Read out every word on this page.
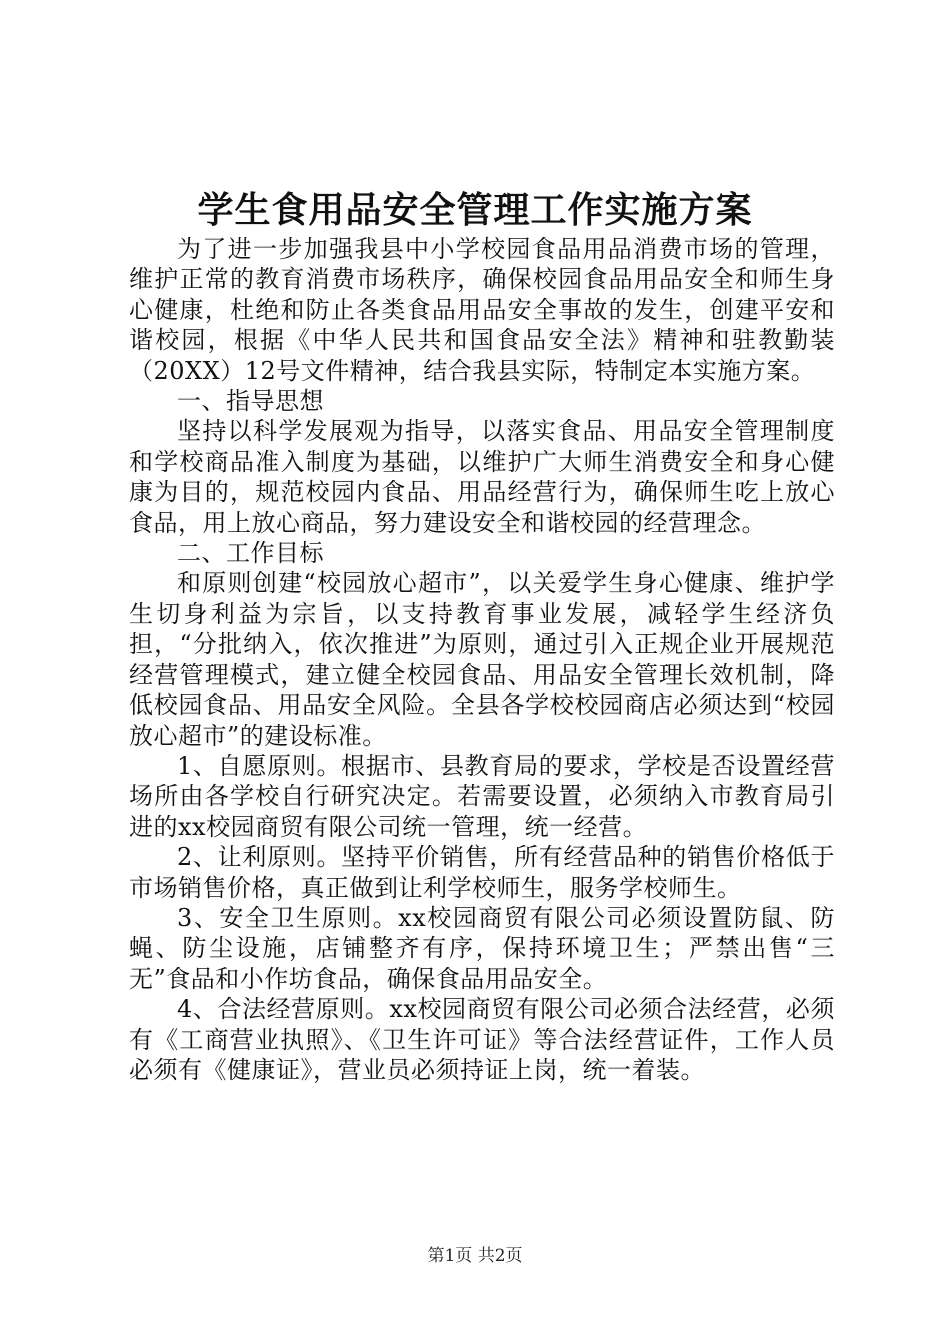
学生食用品安全管理工作实施方案

为了进一步加强我县中小学校园食品用品消费市场的管理，维护正常的教育消费市场秩序，确保校园食品用品安全和师生身心健康，杜绝和防止各类食品用品安全事故的发生，创建平安和谐校园，根据《中华人民共和国食品安全法》精神和驻教勤装（20XX）12号文件精神，结合我县实际，特制定本实施方案。

一、指导思想

坚持以科学发展观为指导，以落实食品、用品安全管理制度和学校商品准入制度为基础，以维护广大师生消费安全和身心健康为目的，规范校园内食品、用品经营行为，确保师生吃上放心食品，用上放心商品，努力建设安全和谐校园的经营理念。

二、工作目标

和原则创建“校园放心超市”，以关爱学生身心健康、维护学生切身利益为宗旨，以支持教育事业发展，减轻学生经济负担，“分批纳入，依次推进”为原则，通过引入正规企业开展规范经营管理模式，建立健全校园食品、用品安全管理长效机制，降低校园食品、用品安全风险。全县各学校校园商店必须达到“校园放心超市”的建设标准。

1、自愿原则。根据市、县教育局的要求，学校是否设置经营场所由各学校自行研究决定。若需要设置，必须纳入市教育局引进的xx校园商贸有限公司统一管理，统一经营。

2、让利原则。坚持平价销售，所有经营品种的销售价格低于市场销售价格，真正做到让利学校师生，服务学校师生。

3、安全卫生原则。xx校园商贸有限公司必须设置防鼠、防蝇、防尘设施，店铺整齐有序，保持环境卫生；严禁出售“三无”食品和小作坊食品，确保食品用品安全。

4、合法经营原则。xx校园商贸有限公司必须合法经营，必须有《工商营业执照》、《卫生许可证》等合法经营证件，工作人员必须有《健康证》，营业员必须持证上岗，统一着装。

第1页 共2页
